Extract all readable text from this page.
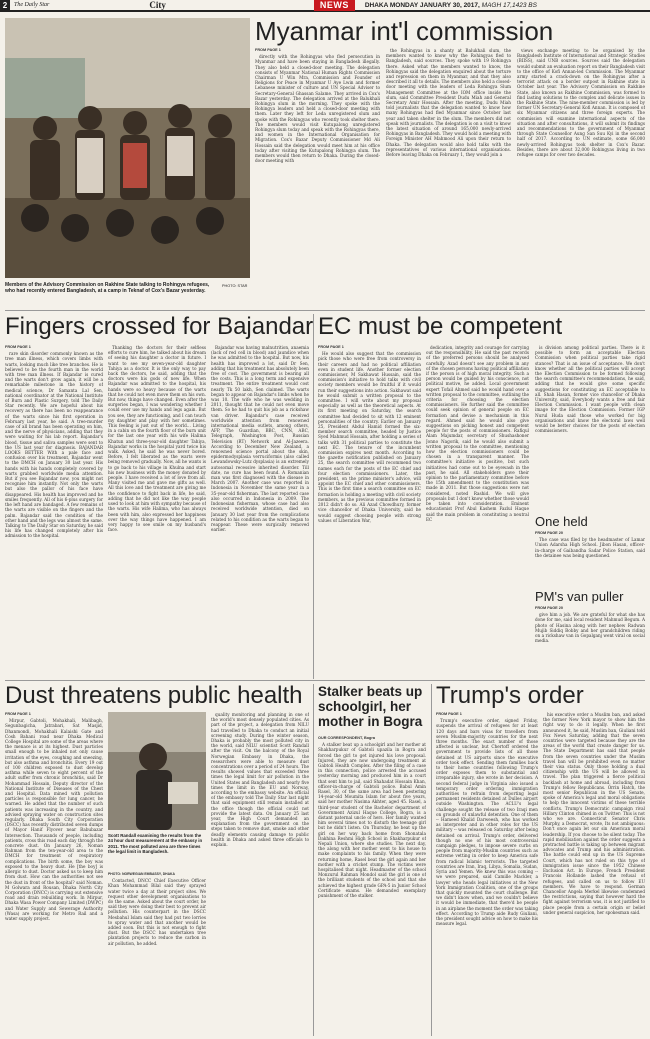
2	The Daily Star	City	NEWS	DHAKA MONDAY JANUARY 30, 2017, MAGH 17,1423 BS
Myanmar int'l commission
Members of the Advisory Commission on Rakhine State talking to Rohingya refugees, who had recently entered Bangladesh, at a camp in Teknaf of Cox's Bazar yesterday.
PHOTO: STAR
FROM PAGE 1

directly with the Rohingyas who fled persecution in Myanmar and have been staying in Bangladesh illegally. They also held a closed-door meeting. The delegation consists of Myanmar National Human Rights Commission Chairman U Win Mra, Commission and Founder of Religions for Peace in Myanmar U Aye Lwin and former Lebanese minister of culture and UN Special Adviser to Secretary-General Ghassan Salame. They arrived in Cox's Bazar yesterday. The delegation arrived at the Balukhali Rohingya slum in the morning. They spoke with the Rohingya leaders and held a closed-door meeting with them. Later they left for Leda unregistered slum and spoke with the Rohingyas who recently took shelter there. The members would visit Kutupalong unregistered Rohingya slum today and speak with the Rohingyas there, and women in the International Organisation for Migration. Cox's Bazar Deputy Commissioner Md Ali Hossain said the delegation would meet him at his office today after visiting the Kutupalong Rohingya slum. The members would then return to Dhaka. During the closed-door meeting with

the Rohingyas in a shanty at Balukhali slum, the members wanted to know why the Rohingyas fled to Bangladesh, said sources. They spoke with 19 Rohingya there. Asked what the members wanted to know, the Rohingyas said the delegation enquired about the torture and repression on them in Myanmar, and that they also described it all to details. The members also held a closed-door meeting with the leaders of Leda Rohingya Slum Management Committee at the IOM office inside the slum, said Committee President Dudu Miah and General Secretary Amir Hossain. After the meeting, Dudu Miah told journalists that the delegation wanted to know how many Rohingyas had fled Myanmar since October last year and taken shelter in the slum. The members did not speak with journalists. The delegation is on a visit to know the latest situation of around 165,000 newly-arrived Rohingyas in Bangladesh. They would hold a meeting with Foreign Minister AH Mahmood Ali upon their return to Dhaka. The delegation would also hold talks with the representatives of various international organisations. Before leaving Dhaka on February 1, they would join a

views exchange meeting to be organised by the Bangladesh Institute of International and Strategic Studies (BIISS), said UNB sources. Sources said the delegation would submit an evaluation report on their Bangladesh visit to the office of Kofi Annan-led Commission. The Myanmar army started a crack-down on the Rohingyas after a terrorist attack on a border outpost in Rakhine state in October last year. The Advisory Commission on Rakhine State, also known as Rakhine Commission, was formed to find lasting solutions to the complex and delicate issues in the Rakhine State. The nine-member commission is led by former UN Secretary-General Kofi Annan. It is composed of six Myanmar citizens and three foreign experts. The commission will examine international aspects of the situation and after consultations, it will submit its findings and recommendations to the government of Myanmar through State Counsellor Aung San Suu Kyi in the second half of 2017. According to UN estimate, some 66,000 newly-arrived Rohingyas took shelter in Cox's Bazar. Besides, there are about 32,000 Rohingyas living in two refugee camps for over two decades.

Fingers crossed for Bajandar
FROM PAGE 1

rare skin disorder commonly known as the tree man illness, which covers limbs with warts, looking much like tree branches. He is believed to be the fourth man in the world with tree man illness. If Bajandar is cured and the warts don't grow again, it will be a remarkable milestone in the history of medical science, Dr Samanta Lal Sen, national coordinator at the National Institute of Burn and Plastic Surgery, told The Daily Star recently. We are hopeful about his recovery as there has been no reappearance of the warts since his first operation in February last year, he said. A tree-murder case of all brand has been operating on him, and the nerve of physicians, adding that they were waiting for his lab report. Bajandar's blood, tissue and saliva samples were sent to the US last year for diagnosis. BAJANDAR LOOKS BETTER With a pale face and confusion over his treatment, Bajandar went to the DMCH on January 30 last year. His hands with his hands completely covered by warts grabbed worldwide media attention. But if you see Bajandar now, you might not recognise him instantly. Not only the warts but also the pallor of his face have disappeared. His health has improved and he smiles frequently. All of his 6-plus surgery for the left hand are bandaged. A few remains of the warts are visible on the fingers and the palm. Bajandar said the condition of the other hand and the legs was almost the same. Talking to The Daily Star on Saturday, he said his life has changed completely after his admission to the hospital.

Thanking the doctors for their selfless efforts to cure him, he talked about his dream of seeing his daughter a doctor in future. I want to see my seven-year-old daughter Tahiya as a doctor. It is the only way to pay back the doctors, he said, adding that the doctors were his gods of new life. When Bajandar was admitted to the hospital, his hands were so heavy because of the warts that he could not even move them on his own. But now, things have changed. Even after the surgeries began, I was wondering whether I could ever use my hands and legs again. But you see, they are functioning, and I can touch my daughter and play with her sometimes. This feeling is just out of the world... Living in a cabin on the fourth floor of the burn unit for the last one year with his wife Halima Khatun and three-year-old daughter Tahiya, Bajandar works in the hospital yard twice his walk. Asked, he said he was never bored. Before, I felt liberated as the warts were being removed gradually. Now, all he wants is to go back to his village in Khulna and start his new business with the money donated by people. I have received a lot of love from all. Many visited me and gave me gifts as well. All this love and the treatment are giving me the confidence to fight back in life, he said, adding that he did not like the way people used to look at him with sympathy because of the warts. His wife Halima, who has always been with him, also expressed her happiness over the way things have happened. I am very happy to see smile on my husband's face.

Bajandar was having malnutrition, anaemia (lack of red cell in blood) and jaundice when he was admitted to the hospital. But now, his health has improved a lot, said Dr Sen, adding that his treatment has absolutely been free of cost. The government is bearing all the costs. This is a long term and expensive treatment. The entire treatment would cost nearly Tk 50 lakh, Sen claimed. The warts began to appear on Bajandar's limbs when he was 10. The wife who he was wedding in 2011, thought that he could not even move them. So he had to quit his job as a rickshaw van driver. Bajandar's case received worldwide attention from renowned international media outlets, among others, AFP, The Guardian, BBC, CNN, ABC, Telegraph, Washington Post, Russian Television (RT) Network and Al-Jazeera. According to December New Zealand, a renowned science portal about the skin, epidermodysplasia verruciformis (also called Lewandowsky-Lutz dysplasia) is an extremely autosomal recessive inherited disorder. Till date, no cure has been found. A Romanian man was first diagnosed with the disease in March 2007. Another case was reported in Indonesia in November the same year in a 35-year-old fisherman. The last reported case also occurred in Indonesia in 2009. The Indonesian fisherman, whose case had also received worldwide attention, died on January 30 last year from the complications related to his condition as the warts began to reappear. These were surgically removed earlier.

EC must be competent
FROM PAGE 1

He would also suggest that the commission pick those who were free from controversy in their careers and had no political affiliation even in student life. Another former election commissioner, M Sakhawat Hussain, said the commission's initiative to hold talks with civil society members would be fruitful if it would run their suggestions into action. Sakhawat said he would submit a written proposal to the committee. I will write about my proposal especially as well as the theoretical aspects. At its first meeting on Saturday, the search committee had decided to sit with 12 eminent personalities of the country. Earlier on January 25, President Abdul Hamid formed the six-member search committee, headed by Justice Syed Mahmud Hossain, after holding a series of talks with 31 political parties to constitute the next EC. The tenure of the incumbent commission expires next month. According to the gazette notification published on January 25, the search committee will recommend two names each for the posts of the EC chief and four election commissioners. Later, the president, on the prime minister's advice, will appoint the EC chief and other commissioners. This is the first time a search committee on EC formation is holding a meeting with civil society members, as the previous committee formed in 2012 didn't do so. Ali Azad Chowdhury, former vice chancellor of Dhaka University, said he would suggest choosing people with strong values of Liberation War,

dedication, integrity and courage for carrying out the responsibility. He said the past records of the preferred persons should be analysed carefully. Azad doesn't see any problem in any of the chosen persons having political affiliation if the person is of high moral integrity. Such a person would be guided by his conscience, not political motive, he added. Local government expert Tofail Ahmed said he would hand over a written proposal to the committee, outlining the criteria for choosing the election commissioners. He further said the committee could seek opinion of general people on EC formation and devise a mechanism in this regard. Ahmed said he would also give suggestions on picking honest and competent people for the posts of commissioners. Rafiqul Alam Majumdar, secretary of Shushashoner Jonno Nagorik, said he would also submit a written proposal to the committee, mentioning how the election commissioners could be chosen in a transparent manner. The committee's initiative is positive, but such initiatives had come out to be eyewash in the past, he said. All stakeholders gave their opinion to the parliamentary committee before the 15th amendment to the constitution was made in 2011. But those suggestions were not considered, noted Rashid. We will give proposals but I don't know whether those would be taken into consideration. Eminent educationist Prof Abul Kashem Fazlul Haque said the main problem in constituting a neutral EC

is division among political parties. There is it possible to form an acceptable Election Commission when political parties take rigid stances? That is an issue of acceptance. We don't know whether all the political parties will accept the Election Commission to be formed following the search committee's recommendations, he said, adding that he would give some specific suggestions for constituting an EC acceptable to all. Shah Hasan, former vice chancellor of Dhaka University, said, Everybody wants a free and fair Election Commission. I want people with clean image for the Election Commission. Former IGP Nurul Huda said those who worked for big organisations and know the electoral laws well would be better choices for the posts of election commissioners.

One held
FROM PAGE 20

The case was filed by the headmaster of Lamar Union Adarsha High School. Jibon Hasan, officer-in-charge of Gaibandha Sadar Police Station, said the detainee was being questioned.

PM's van puller
FROM PAGE 20

give him a job. We are grateful for what she has done for me, said local resident Mahmud Begum. A photo of Hasina along with her nephew Radwan Mujib Siddiq Bobby and her grandchildren riding on a rickshaw van in Gopalganj went viral on social media.

Dust threatens public health
FROM PAGE 1

Mirpur, Gabtoli, Mohakhali, Malibagh, Segunbagicha, Jatrabari, Sat Masjid, Dhanmondi, Mohakhali Kalaishi Gate and Cosh Bahani road near Dhaka Medical College Hospital are some of the areas where the menace is at its highest. Dust particles small enough to be inhaled not only cause irritation of the eyes, coughing and sneezing, but also asthma and bronchitis. Every 19 out of 100 children exposed to dust develop asthma while seven to eight percent of the adult suffer from chronic bronchitis, said Dr Mohammad Hossain, Deputy director of the National Institute of Diseases of the Chest and Hospital. Data mined with pollution particles is responsible for lung cancer, he warned. He added that the number of such patients was increasing in the country, and advised spraying water on construction sites regularly. Dhaka South City Corporation (DSCC) has recently distributed seven dumps of Mayor Hanif Flyover near Babubazar Intersection. Thousands of people, including patients, cross this road each day through the concrete dust. On January 26, Noman Rahman from the ten-year-old area to the DMCH for treatment of respiratory complications. The birth some, the boy was exposed to the heavy dust. He [the boy] is allergic to dust. Doctor asked us to keep him from dust. How can the authorities not see the dust in front of the hospital? said Noman. M Golwara and Rousan, Dhaka North City Corporation (DNCC) is carrying out extensive road and drain rebuilding work. In Mirpur, Dhaka Wasa Power Company Limited (DWPC) and Water Supply and Sewerage Authority (Wasa) are working for Metro Rail and a water supply project.

Scott Randall examining the results from the 24 hour dust measurement at the embassy in 2011. The most polluted area are three times the legal limit in Bangladesh.

quality monitoring and planning in one of the world's most densely populated cities. As part of the project, a delegation from NILU had travelled to Dhaka to conduct an initial screening study. During the winter season, Dhaka is probably the most polluted city in the world, said NILU scientist Scott Randall after the visit. On the balcony of the Royal Norwegian Embassy in Dhaka, the researchers were able to measure dust concentrations over a period of 24 hours. The results showed values that exceeded three times the legal limit for air pollution in the United States and Bangladesh and nearly five times the limit in the EU and Norway, according to the embassy website. An official of the embassy told The Daily Star last night that said equipment still remain installed at the office though the official could not provide the latest data. On January 25 last year, the High Court demanded an explanation from the government on the steps taken to remove dust, smoke and other deadly elements causing damage to public health in Dhaka and asked three officials to explain.

PHOTO: NORWEGIAN EMBASSY, DHAKA

Contacted, DNCC Chief Executive Officer Khan Mohammad Bilal said they sprayed water twice a day at their project sites. We request other development organisations to do the same. Asked about the court order, he said they were doing their best to prevent air pollution. His counterpart in the DSCC Mesbahul Islam said they had put two lorries to spray water and that another would be added soon. But this is not enough to fight dust. But the DSCC has undertaken tree plantation projects to reduce the carbon in air pollution, he added.

Stalker beats up schoolgirl, her mother in Bogra
OUR CORRESPONDENT, Bogra

A stalker beat up a schoolgirl and her mother at Shakharpukur of Gabtoli upazila in Bogra and forced the girl to get injured his love proposal. Injured, they are now undergoing treatment at Gabtoli Health Complex. After the filing of a case in this connection, police arrested the accused yesterday morning and produced him in a court that sent him to jail, said Shahadat Hossain Khan, officer-in-charge of Gabtoli police. Babul Amin Rasel, 30, of the same area had been pestering 14-year-old Moumita Islam for about five years, said her mother Nasima Akhter, aged 45. Rasel, a third-year student of the Bachelor department of Government Azizul Haque College, Bogra, is a distant paternal uncle of hers. Her family wanted him several times not to disturb the teenage girl but he didn't listen. On Thursday, he beat up the girl on her way back home from Shonatala Dakhina Reshmi High School in Shakharpukur of Nepali Union, where she studies. The next day, the along with her mother went to his house to make complaints to his family. When they were returning home, Rasel beat the girl again and her mother with a cricket stump. The victims were hospitalised that night. Headmaster of the school Monzurul Rahman Mondol said the girl is one of the brilliant students of the school and that she achieved the highest grade GPA-5 in Junior School Certificate exams. He demanded exemplary punishment of the stalker.

Trump's order
FROM PAGE 1

Trump's executive order, signed Friday, suspends the arrival of refugees for at least 120 days and bars visas for travellers from seven Muslim-majority countries for the next three months. The exact number of those affected is unclear, but Chertoff ordered the government to provide lists of all those detained at US airports since the executive order took effect. Sending them families back to their home countries following Trump's order exposes them to substantial and irreparable injury, she wrote in her decision. A second federal judge in Virginia also issued a temporary order ordering immigration authorities to refrain from deporting legal permanent residents detained at Dulles airport outside Washington. The ACLU's legal challenge sought the release of two Iraqi men on grounds of unlawful detention. One of them -- Hameed Khalid Darweesh, who has worked as interpreter and in other roles for the US military -- was released on Saturday after being detained on arrival. Trump's order, delivered though no one of his most controversial campaign pledges, to impose severe curbs on people from majority-Muslim countries such as extreme vetting in order to keep America safe from radical Islamic terrorists. The targeted countries are Iran, Iraq, Libya, Somalia, Sudan, Syria and Yemen. We knew this was coming -- we were prepared, said Camille Mackler, a lawyer who heads legal initiatives at the New York Immigration Coalition, one of the groups that quickly mounted the court challenge. But we didn't know when, and we couldn't believe it would be immediate, that there'd be people in an airplane the moment the order was taking effect. According to Trump aide Rudy Giuliani, the president sought advice on how to make his measure legal.

his executive order a Muslim ban, and asked the former New York mayor to show him the right way to do it legally. When he first announced it, he said, Muslim ban, Giuliani told Fox News Saturday, adding that the seven countries were targeted because they are the areas of the world that create danger for us. The State Department has said that people from the seven countries under the Muslim travel ban will be prohibited even no matter their visa status. Only those holding a dual citizenship with the US will be allowed in travel. The plan triggered a fierce political backlash at home and abroad, including from Trump's fellow Republicans. Orrin Hatch, the most senior Republican in the US Senate, spoke of America's legal and moral obligations to help the innocent victims of these terrible conflicts. Trump's Democratic campaign rival Hillary Clinton chimed in on Twitter: This is not who we are. Connecticut Senator Chris Murphy, a Democrat, wrote, Its not ambiguous: Don't once again let our sin American moral leadership. If you choose to be silent today. The rapid mobilisation against the order suggests a protracted battle is taking up between migrant advocates and Trump and his administration. The battle could end up in the US Supreme Court, which has not ruled on this type of immigration issue since the 1952 Chinese Exclusion Act. In Europe, French President Francois Hollande lashed the refusal of refugees, and called on us to follow EU members. We have to respond. German Chancellor Angela Merkel likewise condemned the restrictions, saying that however hard the fight against terrorism was, it is not justified to place people from a certain origin or belief under general suspicion, her spokesman said.
